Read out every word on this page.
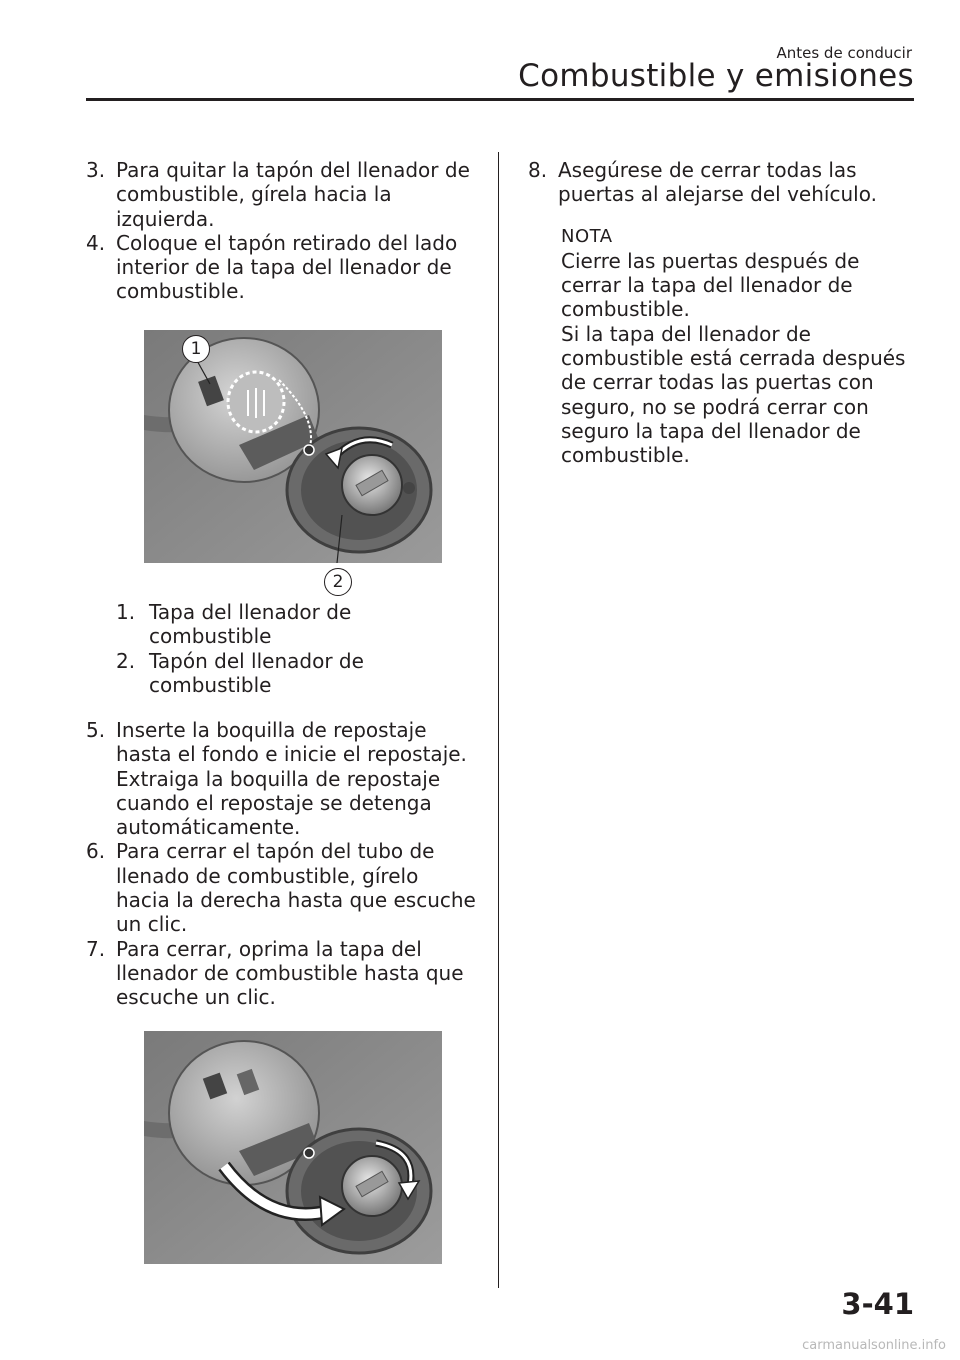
Antes de conducir
Combustible y emisiones

3. Para quitar la tapón del llenador de combustible, gírela hacia la izquierda.

4. Coloque el tapón retirado del lado interior de la tapa del llenador de combustible.

1
2

1. Tapa del llenador de combustible

2. Tapón del llenador de combustible

5. Inserte la boquilla de repostaje hasta el fondo e inicie el repostaje. Extraiga la boquilla de repostaje cuando el repostaje se detenga automáticamente.

6. Para cerrar el tapón del tubo de llenado de combustible, gírelo hacia la derecha hasta que escuche un clic.

7. Para cerrar, oprima la tapa del llenador de combustible hasta que escuche un clic.

8. Asegúrese de cerrar todas las puertas al alejarse del vehículo.

NOTA

Cierre las puertas después de cerrar la tapa del llenador de combustible.

Si la tapa del llenador de combustible está cerrada después de cerrar todas las puertas con seguro, no se podrá cerrar con seguro la tapa del llenador de combustible.

3-41
carmanualsonline.info
